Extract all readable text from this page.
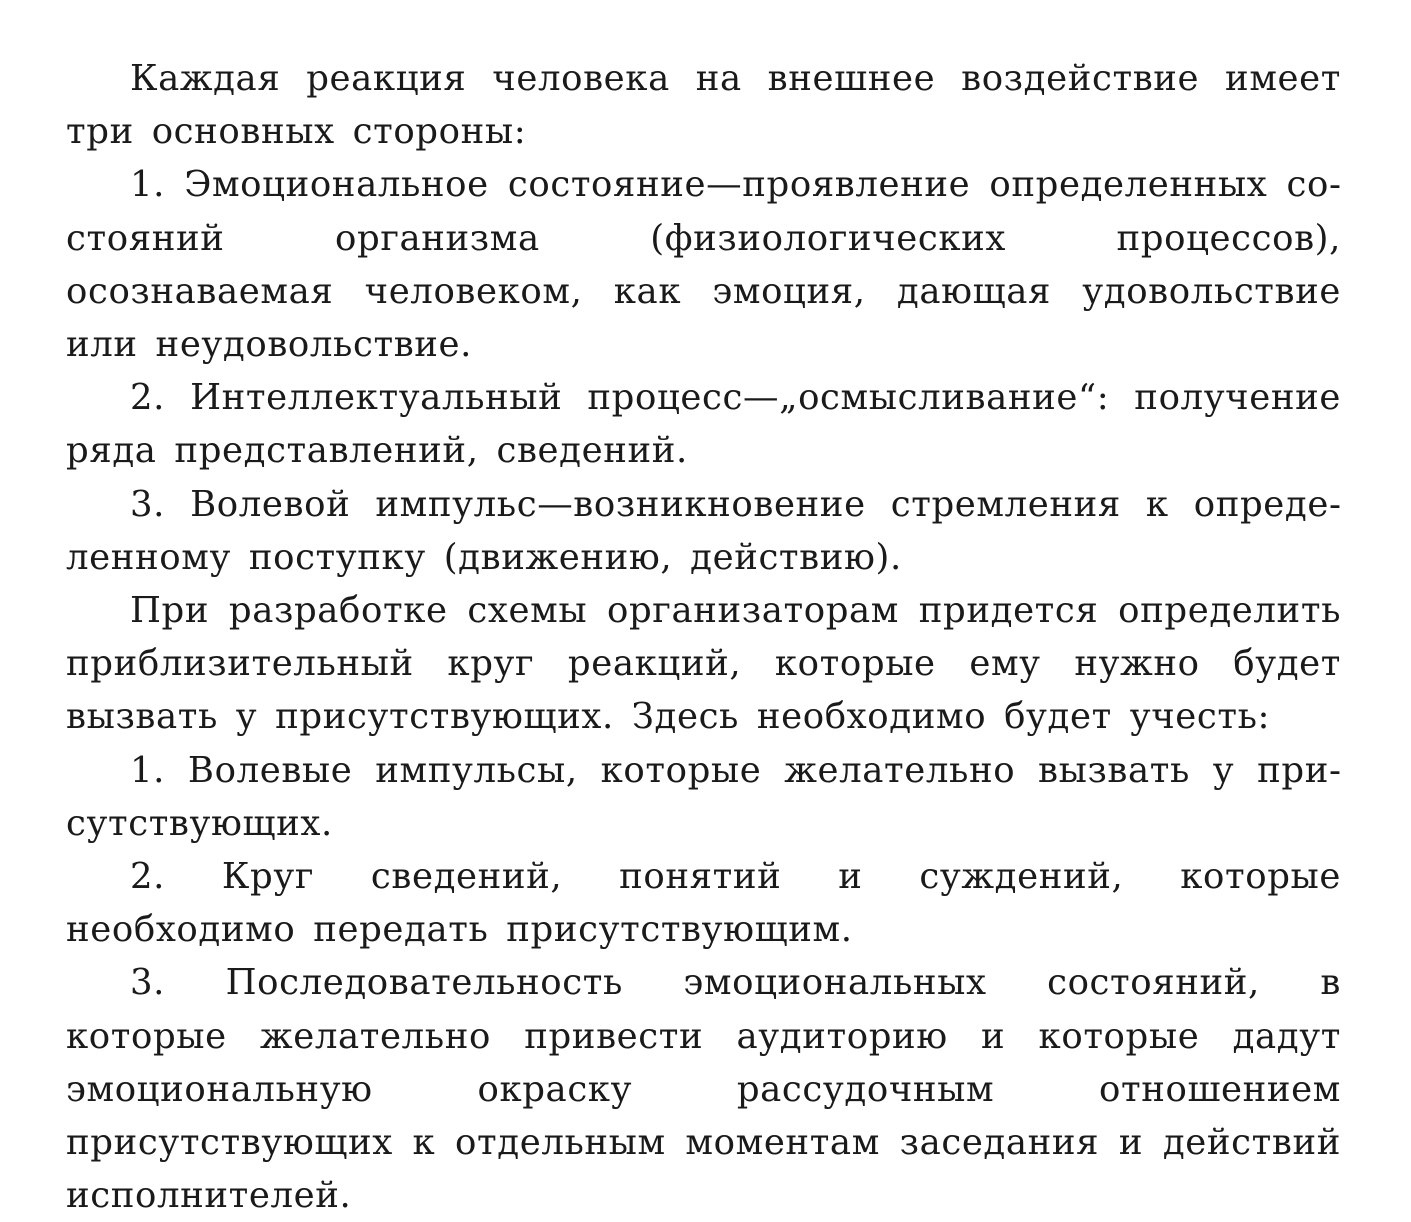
Каждая реакция человека на внешнее воздействие имеет три основных стороны:

1. Эмоциональное состояние—проявление определенных состояний организма (физиологических процессов), осознаваемая человеком, как эмоция, дающая удовольствие или неудовольствие.

2. Интеллектуальный процесс—„осмысливание“: получение ряда представлений, сведений.

3. Волевой импульс—возникновение стремления к определенному поступку (движению, действию).

При разработке схемы организаторам придется определить приблизительный круг реакций, которые ему нужно будет вызвать у присутствующих. Здесь необходимо будет учесть:

1. Волевые импульсы, которые желательно вызвать у присутствующих.

2. Круг сведений, понятий и суждений, которые необходимо передать присутствующим.

3. Последовательность эмоциональных состояний, в которые желательно привести аудиторию и которые дадут эмоциональную окраску рассудочным отношением присутствующих к отдельным моментам заседания и действий исполнителей.
